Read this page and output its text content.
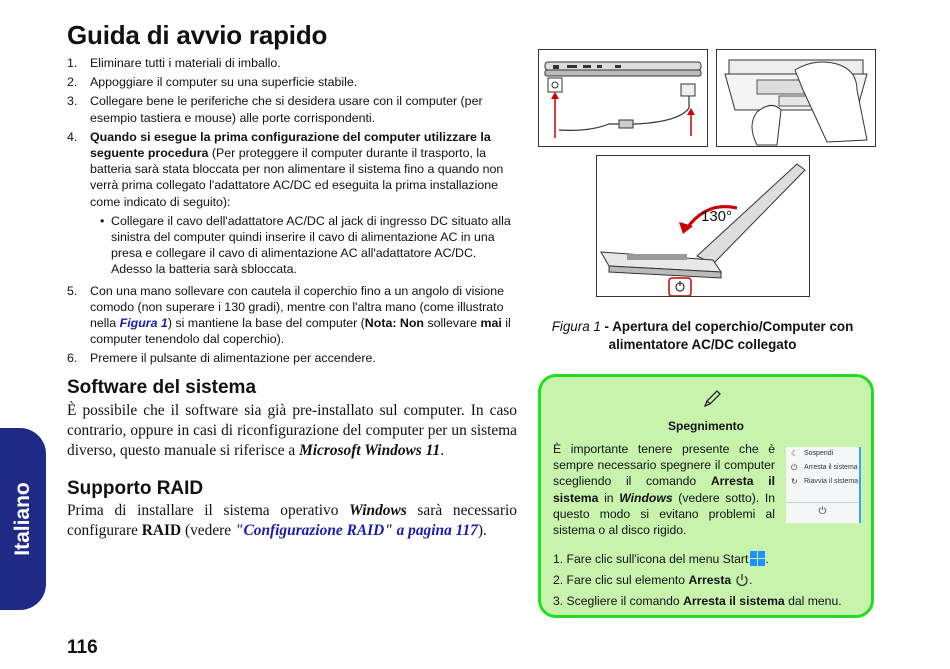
Guida di avvio rapido
1.	Eliminare tutti i materiali di imballo.
2.	Appoggiare il computer su una superficie stabile.
3.	Collegare bene le periferiche che si desidera usare con il computer (per esempio tastiera e mouse) alle porte corrispondenti.
4.	Quando si esegue la prima configurazione del computer utilizzare la seguente procedura (Per proteggere il computer durante il trasporto, la batteria sarà stata bloccata per non alimentare il sistema fino a quando non verrà prima collegato l'adattatore AC/DC ed eseguita la prima installazione come indicato di seguito):
• Collegare il cavo dell'adattatore AC/DC al jack di ingresso DC situato alla sinistra del computer quindi inserire il cavo di alimentazione AC in una presa e collegare il cavo di alimentazione AC all'adattatore AC/DC. Adesso la batteria sarà sbloccata.
5.	Con una mano sollevare con cautela il coperchio fino a un angolo di visione comodo (non superare i 130 gradi), mentre con l'altra mano (come illustrato nella Figura 1) si mantiene la base del computer (Nota: Non sollevare mai il computer tenendolo dal coperchio).
6.	Premere il pulsante di alimentazione per accendere.
Software del sistema
È possibile che il software sia già pre-installato sul computer. In caso contrario, oppure in casi di riconfigurazione del computer per un sistema diverso, questo manuale si riferisce a Microsoft Windows 11.
Supporto RAID
Prima di installare il sistema operativo Windows sarà necessario configurare RAID (vedere "Configurazione RAID" a pagina 117).
Italiano
116
130°
Figura 1 - Apertura del coperchio/Computer con alimentatore AC/DC collegato
Spegnimento
È importante tenere presente che è sempre necessario spegnere il computer scegliendo il comando Arresta il sistema in Windows (vedere sotto). In questo modo si evitano problemi al sistema o al disco rigido.
☾ Sospendi
⏻ Arresta il sistema
↻ Riavvia il sistema
⏻
1. Fare clic sull'icona del menu Start .
2. Fare clic sul elemento Arresta .
3. Scegliere il comando Arresta il sistema dal menu.
